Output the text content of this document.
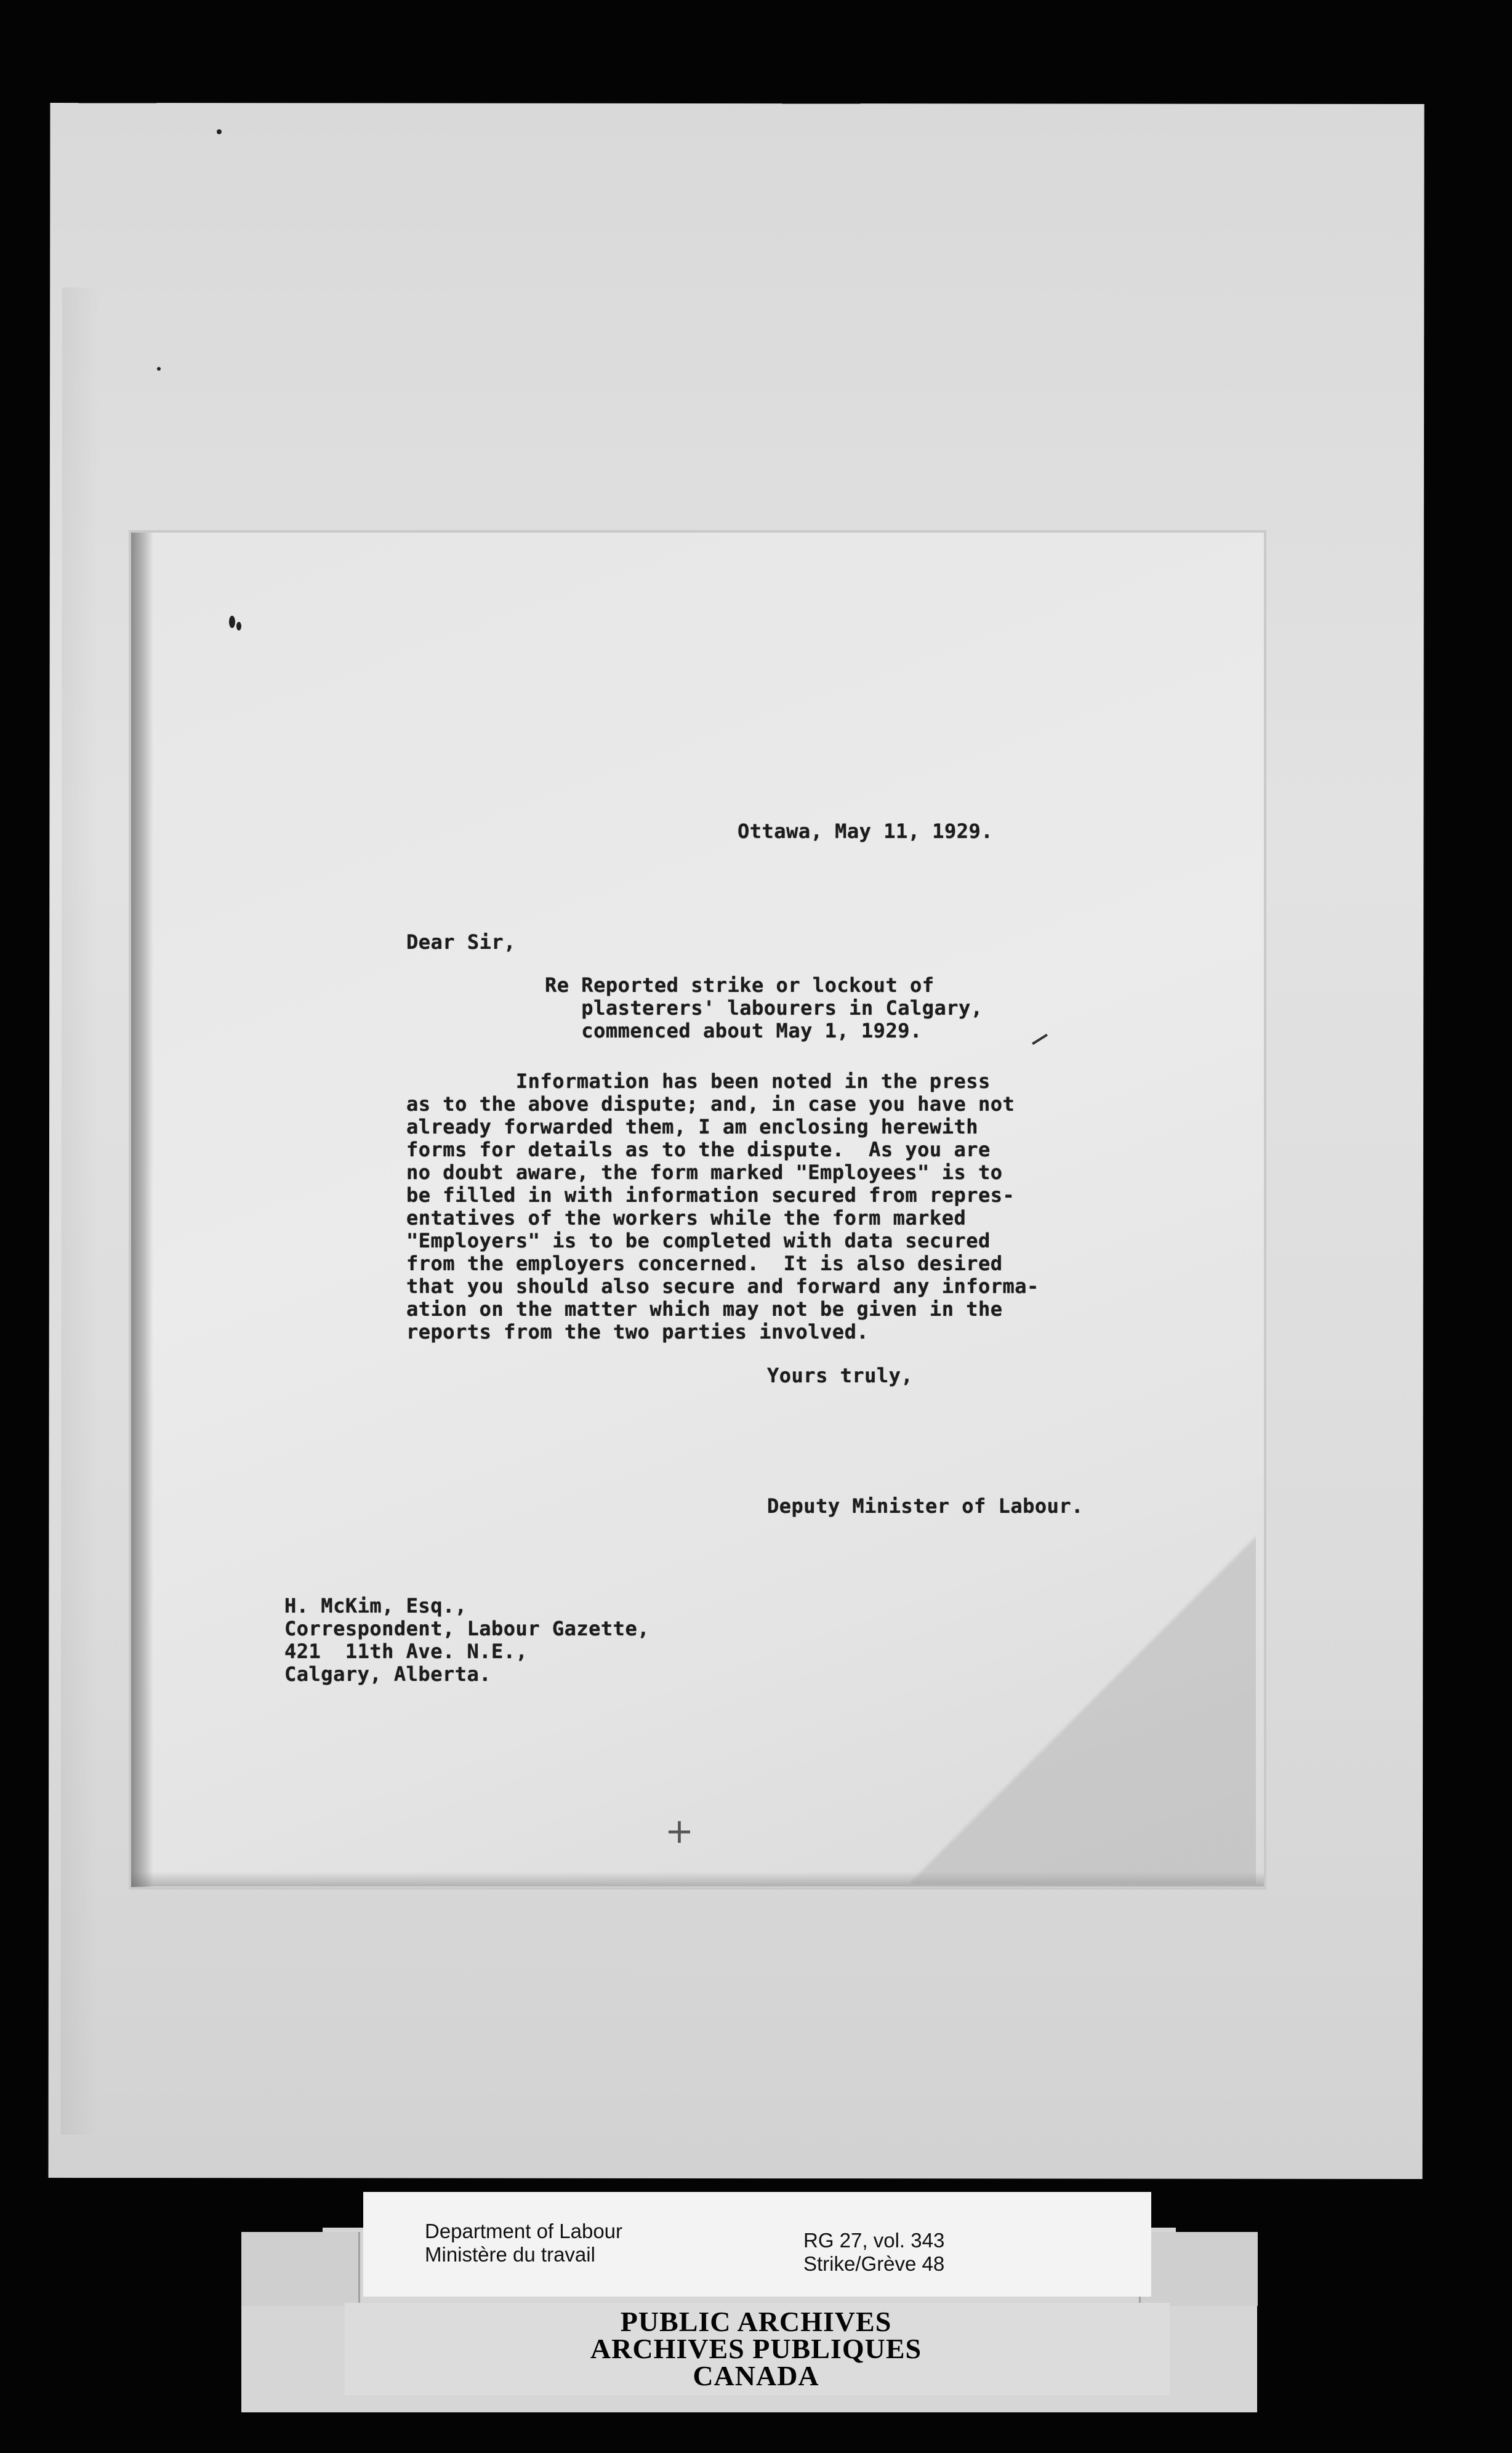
Ottawa, May 11, 1929.
Dear Sir,
Re Reported strike or lockout of
plasterers' labourers in Calgary,
commenced about May 1, 1929.
Information has been noted in the press
as to the above dispute; and, in case you have not
already forwarded them, I am enclosing herewith
forms for details as to the dispute.  As you are
no doubt aware, the form marked "Employees" is to
be filled in with information secured from repres-
entatives of the workers while the form marked
"Employers" is to be completed with data secured
from the employers concerned.  It is also desired
that you should also secure and forward any informa-
ation on the matter which may not be given in the
reports from the two parties involved.
Yours truly,
Deputy Minister of Labour.
H. McKim, Esq.,
Correspondent, Labour Gazette,
421  11th Ave. N.E.,
Calgary, Alberta.
+
Department of Labour
Ministère du travail
RG 27, vol. 343
Strike/Grève 48
PUBLIC ARCHIVES
ARCHIVES PUBLIQUES
CANADA
